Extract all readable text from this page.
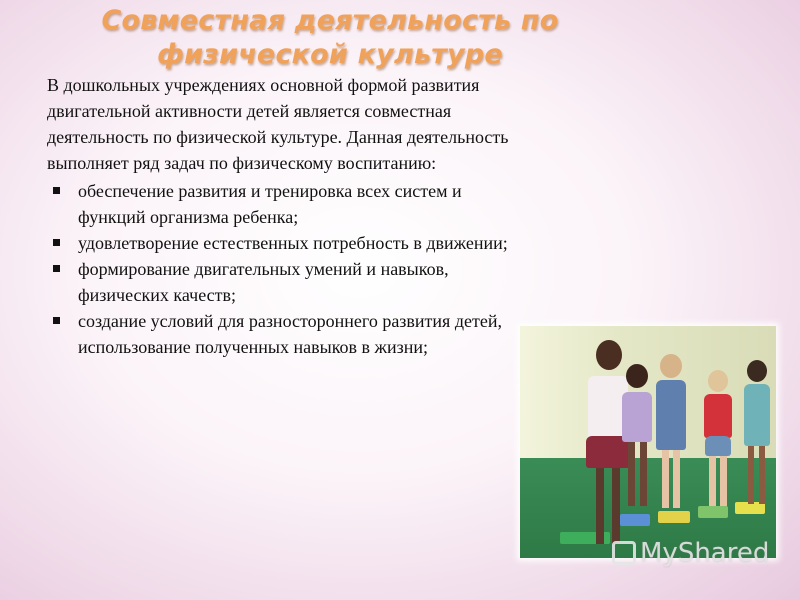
Совместная деятельность по
физической культуре

В дошкольных учреждениях основной формой развития двигательной активности детей является совместная деятельность по физической культуре. Данная деятельность выполняет ряд задач по физическому воспитанию:

обеспечение развития и тренировка всех систем и функций организма ребенка;
удовлетворение естественных потребность в движении;
формирование двигательных умений и навыков, физических качеств;
создание условий для разностороннего развития детей, использование полученных навыков в жизни;
MyShared
